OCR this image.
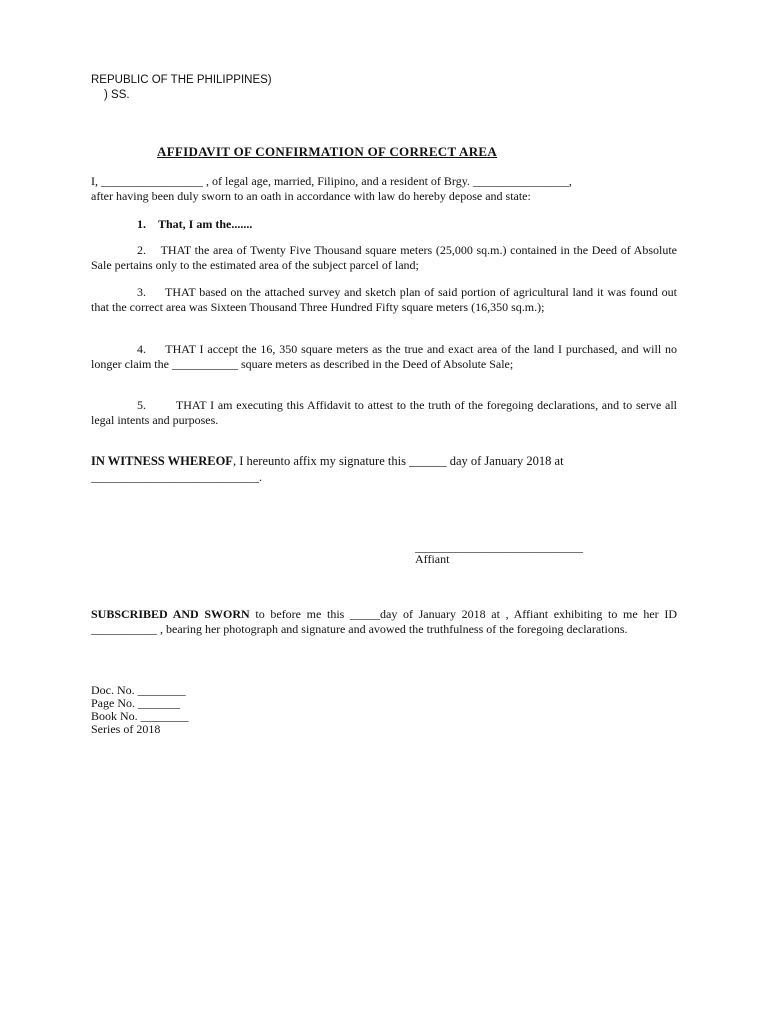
REPUBLIC OF THE PHILIPPINES)
) SS.
AFFIDAVIT OF CONFIRMATION OF CORRECT AREA
I, _________________ , of legal age, married, Filipino, and a resident of Brgy. ________________,
after having been duly sworn to an oath in accordance with law do hereby depose and state:
1. That, I am the.......
2. THAT the area of Twenty Five Thousand square meters (25,000 sq.m.) contained in the Deed of Absolute Sale pertains only to the estimated area of the subject parcel of land;
3. THAT based on the attached survey and sketch plan of said portion of agricultural land it was found out that the correct area was Sixteen Thousand Three Hundred Fifty square meters (16,350 sq.m.);
4. THAT I accept the 16, 350 square meters as the true and exact area of the land I purchased, and will no longer claim the ___________ square meters as described in the Deed of Absolute Sale;
5. THAT I am executing this Affidavit to attest to the truth of the foregoing declarations, and to serve all legal intents and purposes.
IN WITNESS WHEREOF, I hereunto affix my signature this ______ day of January 2018 at
____________________________.
____________________________
Affiant
SUBSCRIBED AND SWORN to before me this _____day of January 2018 at , Affiant exhibiting to me her ID ___________ , bearing her photograph and signature and avowed the truthfulness of the foregoing declarations.
Doc. No. ________
Page No. _______
Book No. ________
Series of 2018
